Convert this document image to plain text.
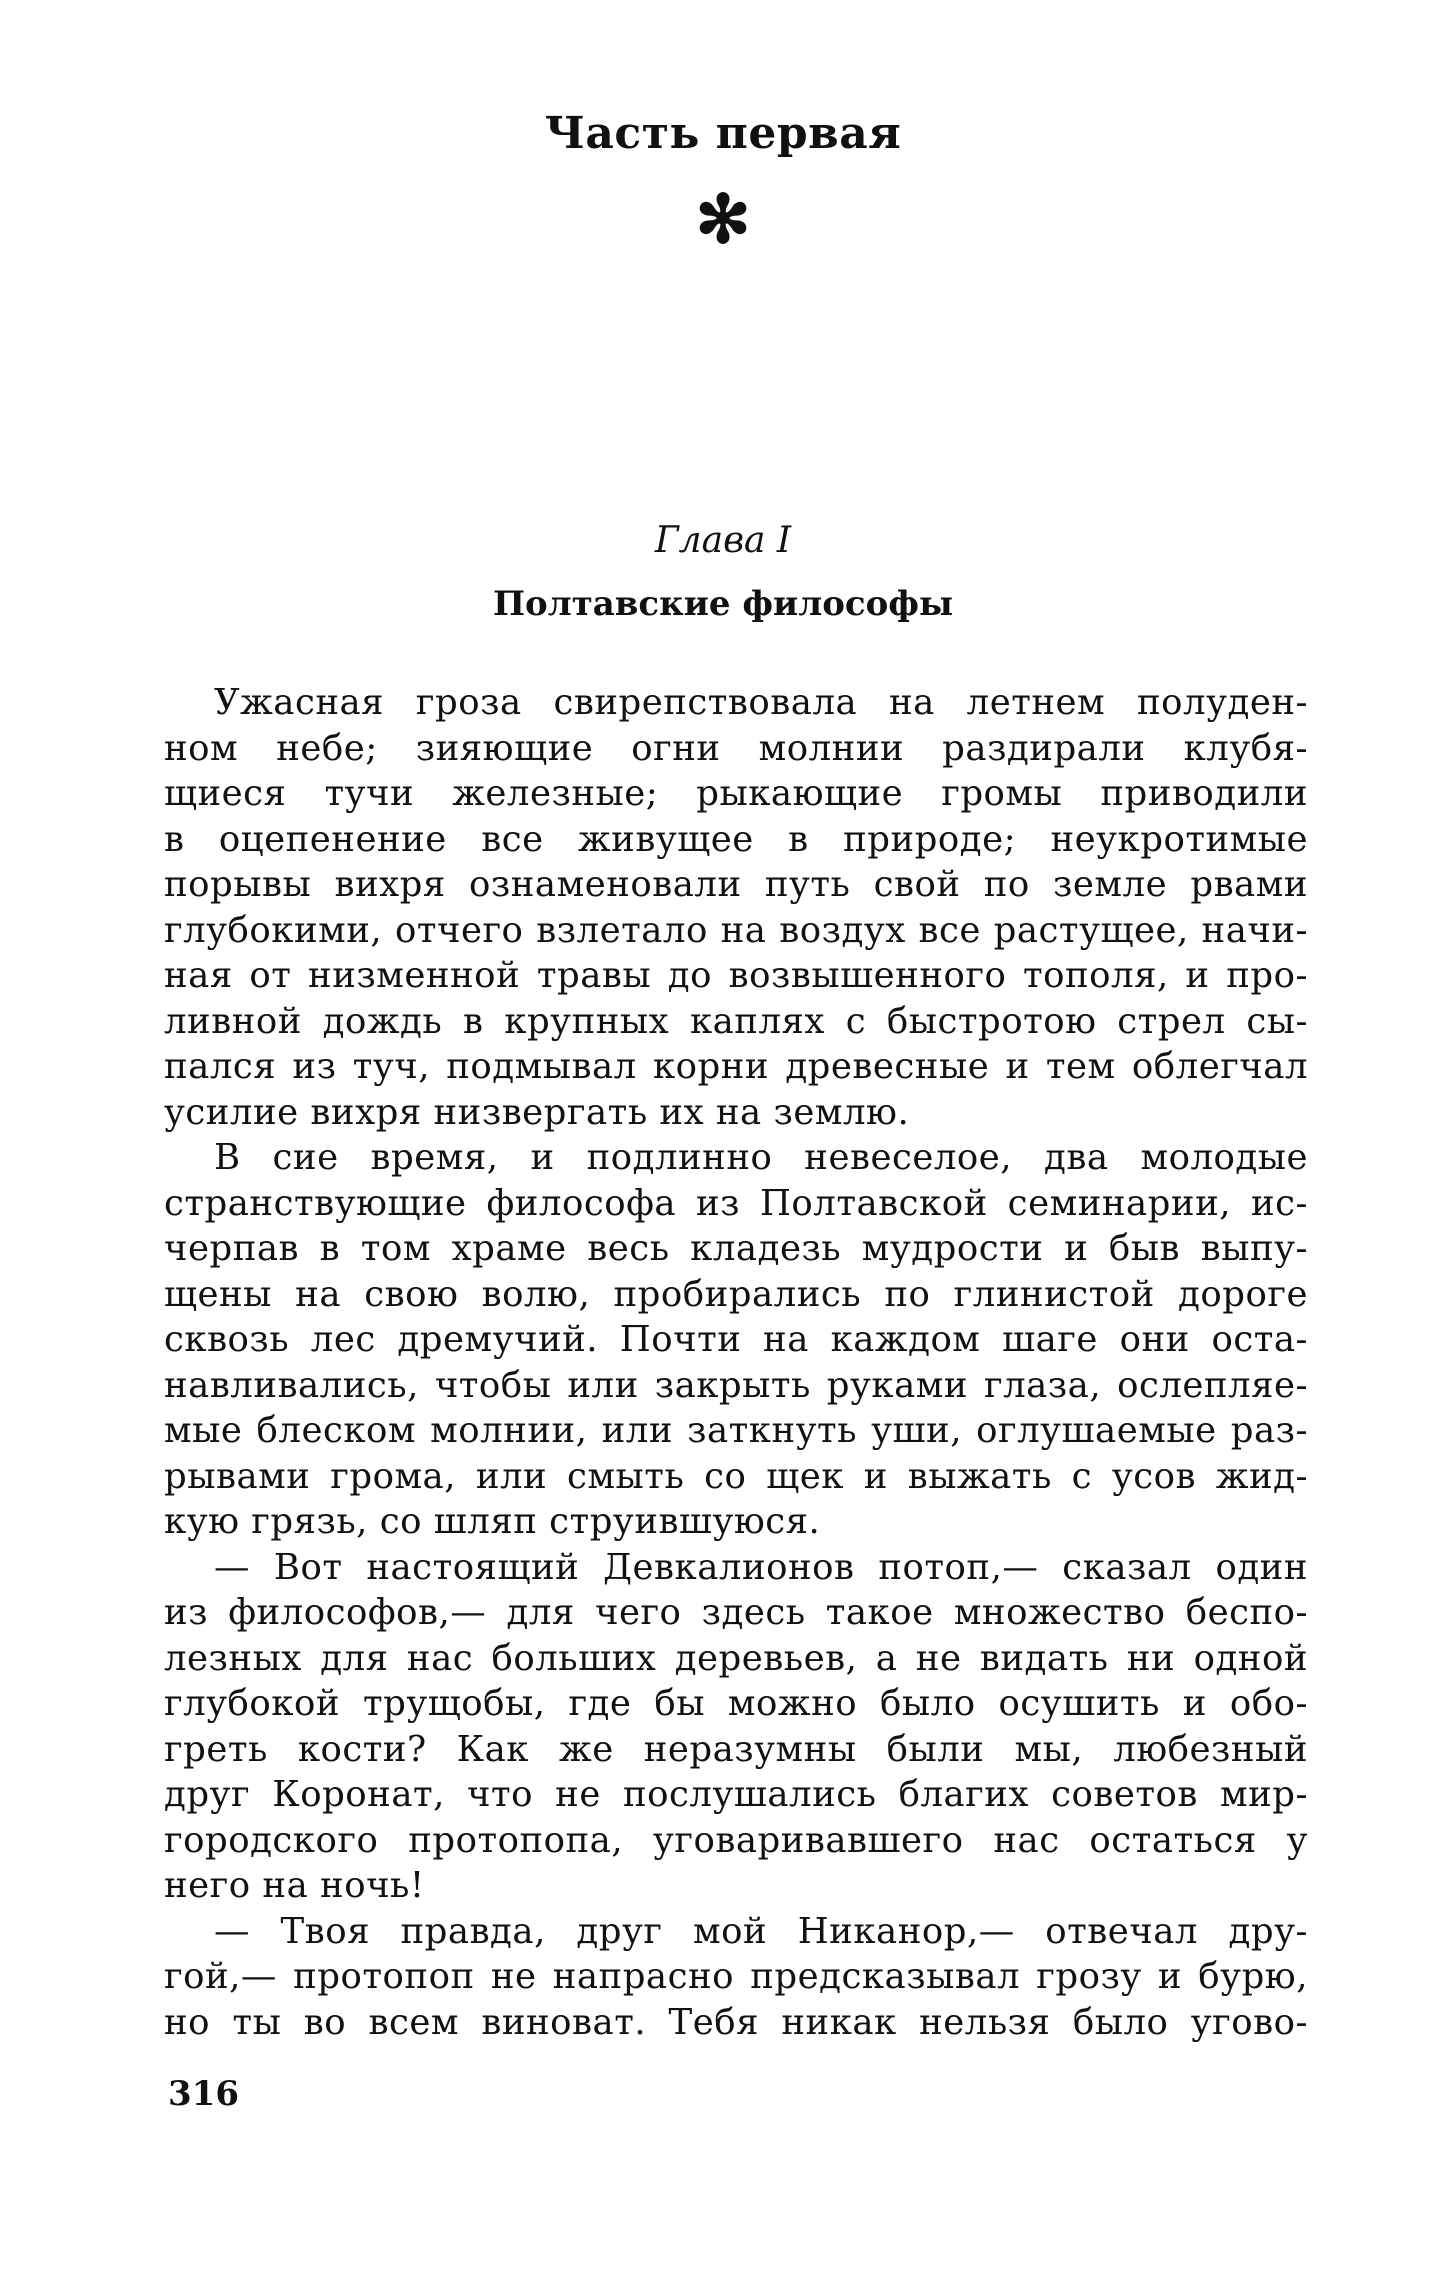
Часть первая
✻
Глава I
Полтавские философы
Ужасная гроза свирепствовала на летнем полуден-
ном небе; зияющие огни молнии раздирали клубя-
щиеся тучи железные; рыкающие громы приводили
в оцепенение все живущее в природе; неукротимые
порывы вихря ознаменовали путь свой по земле рвами
глубокими, отчего взлетало на воздух все растущее, начи-
ная от низменной травы до возвышенного тополя, и про-
ливной дождь в крупных каплях с быстротою стрел сы-
пался из туч, подмывал корни древесные и тем облегчал
усилие вихря низвергать их на землю.
В сие время, и подлинно невеселое, два молодые
странствующие философа из Полтавской семинарии, ис-
черпав в том храме весь кладезь мудрости и быв выпу-
щены на свою волю, пробирались по глинистой дороге
сквозь лес дремучий. Почти на каждом шаге они оста-
навливались, чтобы или закрыть руками глаза, ослепляе-
мые блеском молнии, или заткнуть уши, оглушаемые раз-
рывами грома, или смыть со щек и выжать с усов жид-
кую грязь, со шляп струившуюся.
— Вот настоящий Девкалионов потоп,— сказал один
из философов,— для чего здесь такое множество беспо-
лезных для нас больших деревьев, а не видать ни одной
глубокой трущобы, где бы можно было осушить и обо-
греть кости? Как же неразумны были мы, любезный
друг Коронат, что не послушались благих советов мир-
городского протопопа, уговаривавшего нас остаться у
него на ночь!
— Твоя правда, друг мой Никанор,— отвечал дру-
гой,— протопоп не напрасно предсказывал грозу и бурю,
но ты во всем виноват. Тебя никак нельзя было угово-
316
